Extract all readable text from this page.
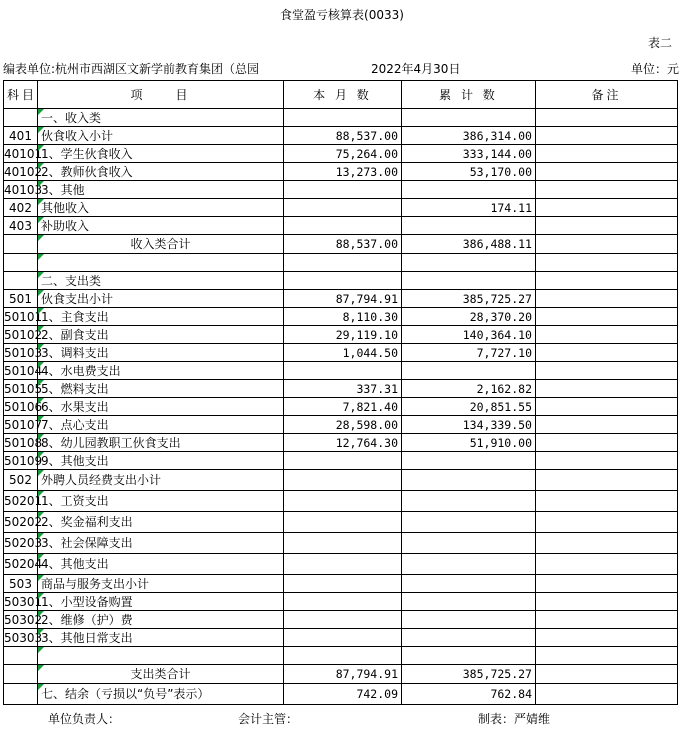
食堂盈亏核算表(0033)
表二
编表单位:杭州市西湖区文新学前教育集团（总园	2022年4月30日	单位：元
科目	项　　目	本 月 数	累 计 数	备注

一、收入类			
401	伙食收入小计	88,537.00	386,314.00	
40101	1、学生伙食收入	75,264.00	333,144.00	
40102	2、教师伙食收入	13,273.00	53,170.00	
40103	3、其他			
402	其他收入		174.11	
403	补助收入			

收入类合计	88,537.00	386,488.11	

二、支出类			
501	伙食支出小计	87,794.91	385,725.27	
50101	1、主食支出	8,110.30	28,370.20	
50102	2、副食支出	29,119.10	140,364.10	
50103	3、调料支出	1,044.50	7,727.10	
50104	4、水电费支出			
50105	5、燃料支出	337.31	2,162.82	
50106	6、水果支出	7,821.40	20,851.55	
50107	7、点心支出	28,598.00	134,339.50	
50108	8、幼儿园教职工伙食支出	12,764.30	51,910.00	
50109	9、其他支出			
502	外聘人员经费支出小计			
50201	1、工资支出			
50202	2、奖金福利支出			
50203	3、社会保障支出			
50204	4、其他支出			
503	商品与服务支出小计			
50301	1、小型设备购置			
50302	2、维修（护）费			
50303	3、其他日常支出			

支出类合计	87,794.91	385,725.27	

七、结余（亏损以“负号”表示）	742.09	762.84	
单位负责人：	会计主管：	制表：严婧维
